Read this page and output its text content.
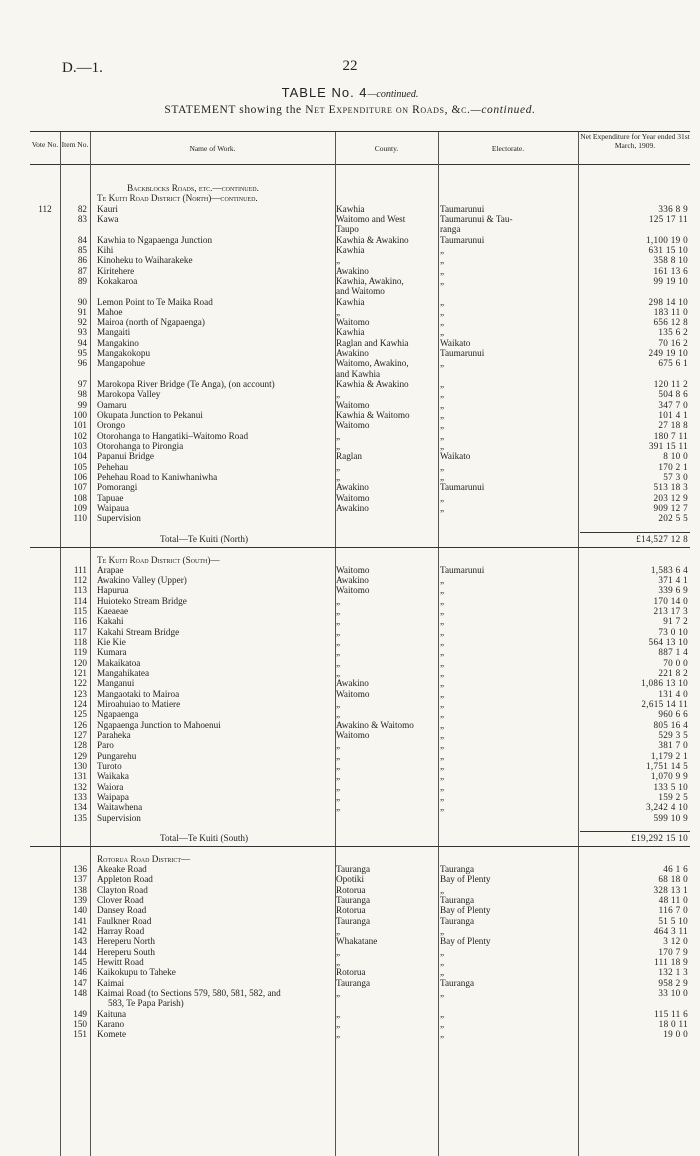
D.—1.	22
TABLE No. 4—continued.
STATEMENT showing the Net Expenditure on Roads, &c.—continued.
Vote No. Item No.	Name of Work.	County.	Electorate.
Net Expenditure for Year ended 31st March, 1909.
Backblocks Roads, etc.—continued.
Te Kuiti Road District (North)—continued.
112	82 Kauri	Kawhia	Taumarunui	336 8 9
83 Kawa	Waitomo and West	Taumarunui & Tau-	125 17 11
Taupo	ranga
84 Kawhia to Ngapaenga Junction	Kawhia & Awakino	Taumarunui	1,100 19 0
85 Kihi	Kawhia	„	631 15 10
86 Kinoheku to Waiharakeke	„	„	358 8 10
87 Kiritehere	Awakino	„	161 13 6
89 Kokakaroa	Kawhia, Awakino,	„	99 19 10
and Waitomo
90 Lemon Point to Te Maika Road	Kawhia	„	298 14 10
91 Mahoe	„	„	183 11 0
92 Mairoa (north of Ngapaenga)	Waitomo	„	656 12 8
93 Mangaiti	Kawhia	„	135 6 2
94 Mangakino	Raglan and Kawhia	Waikato	70 16 2
95 Mangakokopu	Awakino	Taumarunui	249 19 10
96 Mangapohue	Waitomo, Awakino,	„	675 6 1
and Kawhia
97 Marokopa River Bridge (Te Anga), (on account)	Kawhia & Awakino	„	120 11 2
98 Marokopa Valley	„	„	504 8 6
99 Oamaru	Waitomo	„	347 7 0
100 Okupata Junction to Pekanui	Kawhia & Waitomo	„	101 4 1
101 Orongo	Waitomo	„	27 18 8
102 Otorohanga to Hangatiki–Waitomo Road	„	„	180 7 11
103 Otorohanga to Pirongia	„	„	391 15 11
104 Papanui Bridge	Raglan	Waikato	8 10 0
105 Pehehau	„	„	170 2 1
106 Pehehau Road to Kaniwhaniwha	„	„	57 3 0
107 Pomorangi	Awakino	Taumarunui	513 18 3
108 Tapuae	Waitomo	„	203 12 9
109 Waipaua	Awakino	„	909 12 7
110 Supervision	202 5 5
Total—Te Kuiti (North)	£14,527 12 8
Te Kuiti Road District (South)—
111 Arapae	Waitomo	Taumarunui	1,583 6 4
112 Awakino Valley (Upper)	Awakino	„	371 4 1
113 Hapurua	Waitomo	„	339 6 9
114 Huioteko Stream Bridge	„	„	170 14 0
115 Kaeaeae	„	„	213 17 3
116 Kakahi	„	„	91 7 2
117 Kakahi Stream Bridge	„	„	73 0 10
118 Kie Kie	„	„	564 13 10
119 Kumara	„	„	887 1 4
120 Makaikatoa	„	„	70 0 0
121 Mangahikatea	„	„	221 8 2
122 Manganui	Awakino	„	1,086 13 10
123 Mangaotaki to Mairoa	Waitomo	„	131 4 0
124 Miroahuiao to Matiere	„	„	2,615 14 11
125 Ngapaenga	„	„	960 6 6
126 Ngapaenga Junction to Mahoenui	Awakino & Waitomo	„	805 16 4
127 Paraheka	Waitomo	„	529 3 5
128 Paro	„	„	381 7 0
129 Pungarehu	„	„	1,179 2 1
130 Turoto	„	„	1,751 14 5
131 Waikaka	„	„	1,070 9 9
132 Waiora	„	„	133 5 10
133 Waipapa	„	„	159 2 5
134 Waitawhena	„	„	3,242 4 10
135 Supervision	599 10 9
Total—Te Kuiti (South)	£19,292 15 10
Rotorua Road District—
136 Akeake Road	Tauranga	Tauranga	46 1 6
137 Appleton Road	Opotiki	Bay of Plenty	68 18 0
138 Clayton Road	Rotorua	„	328 13 1
139 Clover Road	Tauranga	Tauranga	48 11 0
140 Dansey Road	Rotorua	Bay of Plenty	116 7 0
141 Faulkner Road	Tauranga	Tauranga	51 5 10
142 Harray Road	„	„	464 3 11
143 Hereperu North	Whakatane	Bay of Plenty	3 12 0
144 Hereperu South	„	„	170 7 9
145 Hewitt Road	„	„	111 18 9
146 Kaikokupu to Taheke	Rotorua	„	132 1 3
147 Kaimai	Tauranga	Tauranga	958 2 9
148 Kaimai Road (to Sections 579, 580, 581, 582, and	„	„	33 10 0
583, Te Papa Parish)
149 Kaituna	„	„	115 11 6
150 Karano	„	„	18 0 11
151 Komete	„	„	19 0 0
